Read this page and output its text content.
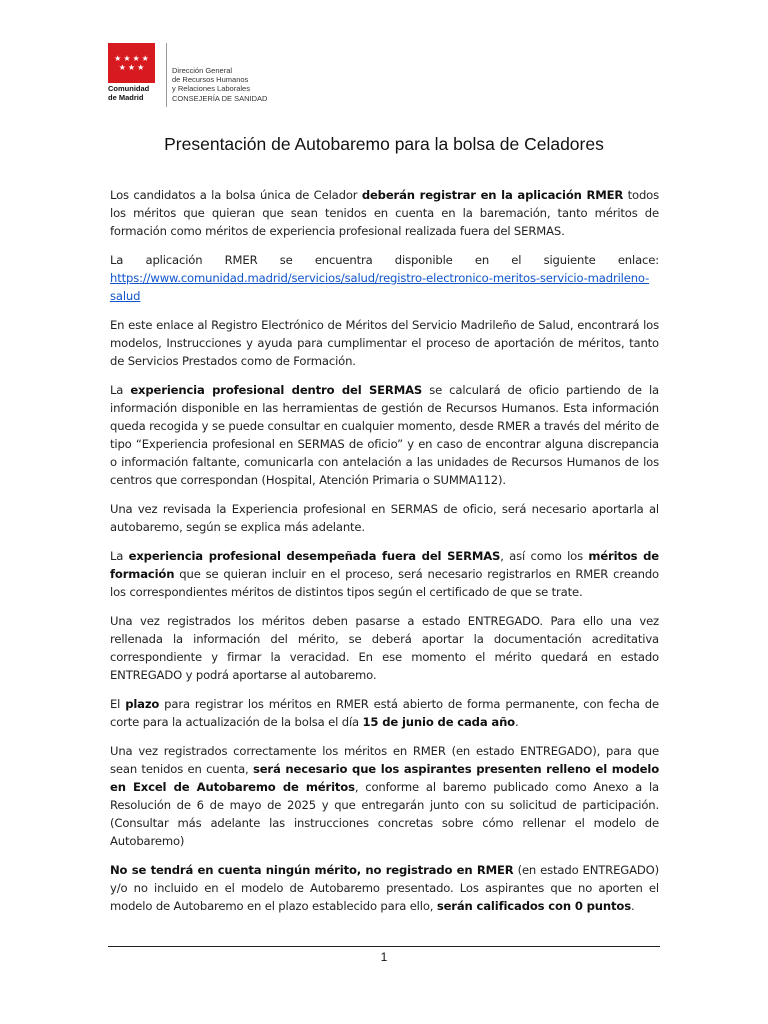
★ ★ ★ ★
★ ★ ★
Comunidad
de Madrid
Dirección General
de Recursos Humanos
y Relaciones Laborales
CONSEJERÍA DE SANIDAD
Presentación de Autobaremo para la bolsa de Celadores

Los candidatos a la bolsa única de Celador deberán registrar en la aplicación RMER todos los méritos que quieran que sean tenidos en cuenta en la baremación, tanto méritos de formación como méritos de experiencia profesional realizada fuera del SERMAS.

La aplicación RMER se encuentra disponible en el siguiente enlace: https://www.comunidad.madrid/servicios/salud/registro-electronico-meritos-servicio-madrileno-salud

En este enlace al Registro Electrónico de Méritos del Servicio Madrileño de Salud, encontrará los modelos, Instrucciones y ayuda para cumplimentar el proceso de aportación de méritos, tanto de Servicios Prestados como de Formación.

La experiencia profesional dentro del SERMAS se calculará de oficio partiendo de la información disponible en las herramientas de gestión de Recursos Humanos. Esta información queda recogida y se puede consultar en cualquier momento, desde RMER a través del mérito de tipo “Experiencia profesional en SERMAS de oficio” y en caso de encontrar alguna discrepancia o información faltante, comunicarla con antelación a las unidades de Recursos Humanos de los centros que correspondan (Hospital, Atención Primaria o SUMMA112).

Una vez revisada la Experiencia profesional en SERMAS de oficio, será necesario aportarla al autobaremo, según se explica más adelante.

La experiencia profesional desempeñada fuera del SERMAS, así como los méritos de formación que se quieran incluir en el proceso, será necesario registrarlos en RMER creando los correspondientes méritos de distintos tipos según el certificado de que se trate.

Una vez registrados los méritos deben pasarse a estado ENTREGADO. Para ello una vez rellenada la información del mérito, se deberá aportar la documentación acreditativa correspondiente y firmar la veracidad. En ese momento el mérito quedará en estado ENTREGADO y podrá aportarse al autobaremo.

El plazo para registrar los méritos en RMER está abierto de forma permanente, con fecha de corte para la actualización de la bolsa el día 15 de junio de cada año.

Una vez registrados correctamente los méritos en RMER (en estado ENTREGADO), para que sean tenidos en cuenta, será necesario que los aspirantes presenten relleno el modelo en Excel de Autobaremo de méritos, conforme al baremo publicado como Anexo a la Resolución de 6 de mayo de 2025 y que entregarán junto con su solicitud de participación. (Consultar más adelante las instrucciones concretas sobre cómo rellenar el modelo de Autobaremo)

No se tendrá en cuenta ningún mérito, no registrado en RMER (en estado ENTREGADO) y/o no incluido en el modelo de Autobaremo presentado. Los aspirantes que no aporten el modelo de Autobaremo en el plazo establecido para ello, serán calificados con 0 puntos.

1
